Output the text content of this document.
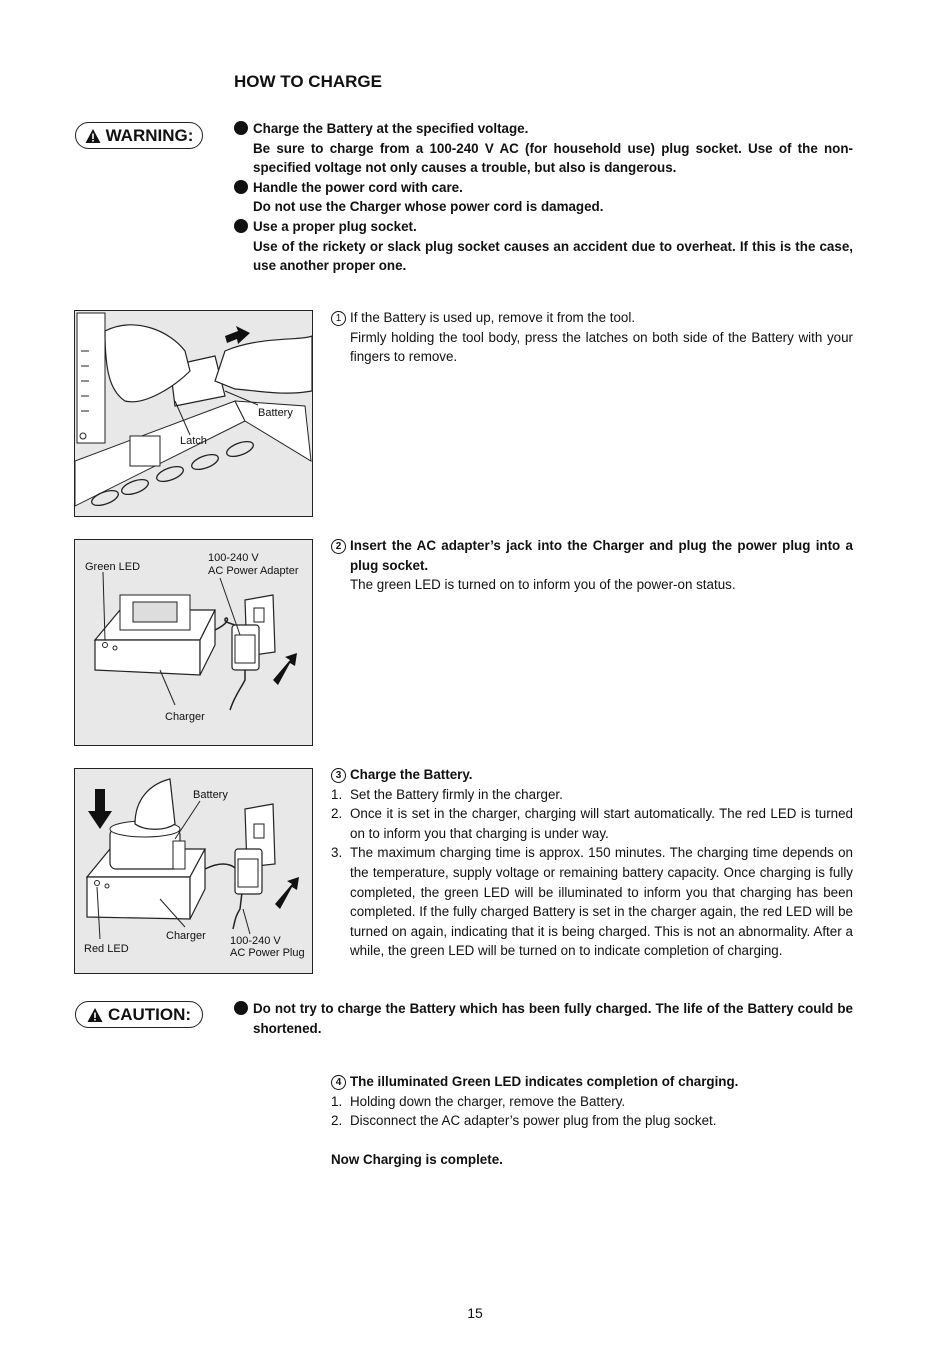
HOW TO CHARGE
WARNING:	Charge the Battery at the specified voltage.
Be sure to charge from a 100-240 V AC (for household use) plug socket. Use of the non-specified voltage not only causes a trouble, but also is dangerous.
Handle the power cord with care.
Do not use the Charger whose power cord is damaged.
Use a proper plug socket.
Use of the rickety or slack plug socket causes an accident due to overheat. If this is the case, use another proper one.
Battery
Latch
1 If the Battery is used up, remove it from the tool.
Firmly holding the tool body, press the latches on both side of the Battery with your fingers to remove.
Green LED
100-240 V
AC Power Adapter
Charger
2 Insert the AC adapter’s jack into the Charger and plug the power plug into a plug socket.
The green LED is turned on to inform you of the power-on status.
Battery
Charger
Red LED
100-240 V
AC Power Plug
3 Charge the Battery.
1. Set the Battery firmly in the charger.
2. Once it is set in the charger, charging will start automatically. The red LED is turned on to inform you that charging is under way.
3. The maximum charging time is approx. 150 minutes. The charging time depends on the temperature, supply voltage or remaining battery capacity. Once charging is fully completed, the green LED will be illuminated to inform you that charging has been completed. If the fully charged Battery is set in the charger again, the red LED will be turned on again, indicating that it is being charged. This is not an abnormality. After a while, the green LED will be turned on to indicate completion of charging.
CAUTION:	Do not try to charge the Battery which has been fully charged. The life of the Battery could be shortened.
4 The illuminated Green LED indicates completion of charging.
1. Holding down the charger, remove the Battery.
2. Disconnect the AC adapter’s power plug from the plug socket.
Now Charging is complete.
15
